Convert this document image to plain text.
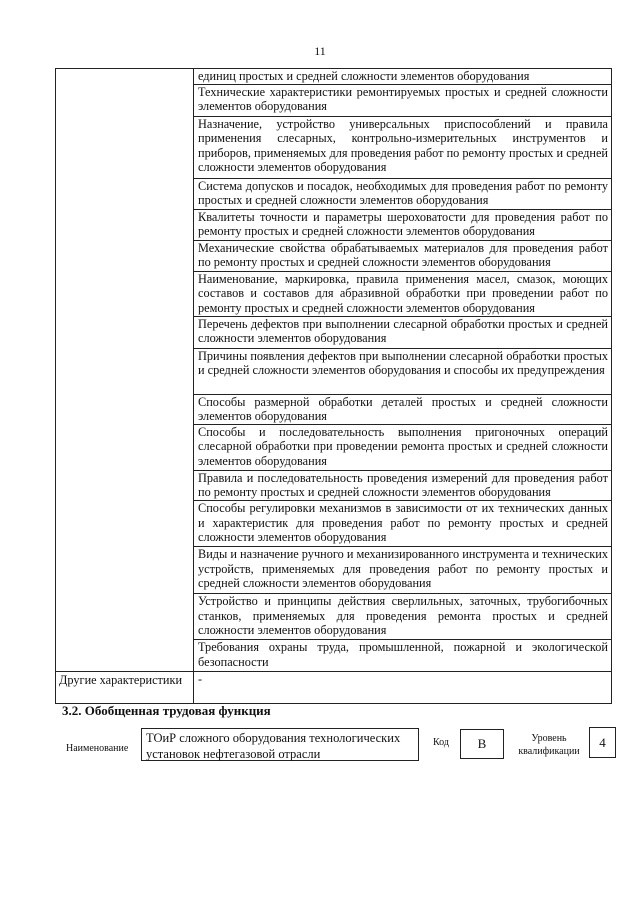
11
	единиц простых и средней сложности элементов оборудования
	Технические характеристики ремонтируемых простых и средней сложности элементов оборудования
	Назначение, устройство универсальных приспособлений и правила применения слесарных, контрольно-измерительных инструментов и приборов, применяемых для проведения работ по ремонту простых и средней сложности элементов оборудования
	Система допусков и посадок, необходимых для проведения работ по ремонту простых и средней сложности элементов оборудования
	Квалитеты точности и параметры шероховатости для проведения работ по ремонту простых и средней сложности элементов оборудования
	Механические свойства обрабатываемых материалов для проведения работ по ремонту простых и средней сложности элементов оборудования
	Наименование, маркировка, правила применения масел, смазок, моющих составов и составов для абразивной обработки при проведении работ по ремонту простых и средней сложности элементов оборудования
	Перечень дефектов при выполнении слесарной обработки простых и средней сложности элементов оборудования
	Причины появления дефектов при выполнении слесарной обработки простых и средней сложности элементов оборудования и способы их предупреждения
	Способы размерной обработки деталей простых и средней сложности элементов оборудования
	Способы и последовательность выполнения пригоночных операций слесарной обработки при проведении ремонта простых и средней сложности элементов оборудования
	Правила и последовательность проведения измерений для проведения работ по ремонту простых и средней сложности элементов оборудования
	Способы регулировки механизмов в зависимости от их технических данных и характеристик для проведения работ по ремонту простых и средней сложности элементов оборудования
	Виды и назначение ручного и механизированного инструмента и технических устройств, применяемых для проведения работ по ремонту простых и средней сложности элементов оборудования
	Устройство и принципы действия сверлильных, заточных, трубогибочных станков, применяемых для проведения ремонта простых и средней сложности элементов оборудования
	Требования охраны труда, промышленной, пожарной и экологической безопасности
Другие характеристики	-
3.2. Обобщенная трудовая функция
Наименование
ТОиР сложного оборудования технологических установок нефтегазовой отрасли
Код	B	Уровень квалификации
4
